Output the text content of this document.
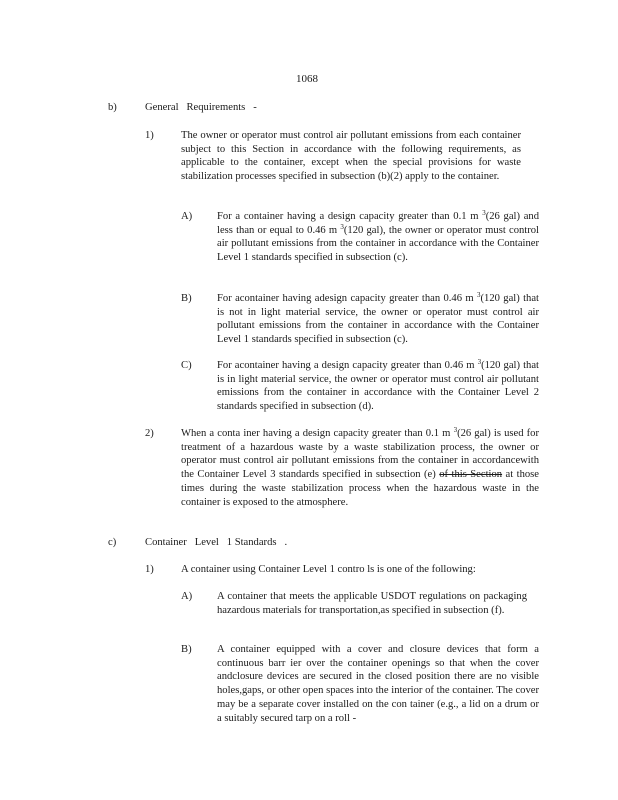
1068
b)	General   Requirements   -
1)	The owner or operator must control air pollutant emissions from each container subject to this Section in accordance with the following requirements, as applicable to the container, except when the special provisions for waste stabilization processes specified in subsection (b)(2) apply to the container.
A) For a container having a design capacity greater than 0.1 m $^3$(26 gal) and less than or equal to 0.46 m $^3$(120 gal), the owner or operator must control air pollutant emissions from the container in accordance with the Container Level 1 standards specified in subsection (c).
B) For acontainer having adesign capacity greater than 0.46 m $^3$(120 gal) that is not in light material service, the owner or operator must control air pollutant emissions from the container in accordance with the Container Level 1 standards specified in subsection (c).
C) For acontainer having a design capacity greater than 0.46 m $^3$(120 gal) that is in light material service, the owner or operator must control air pollutant emissions from the container in accordance with the Container Level 2 standards specified in subsection (d).
2)	When a conta iner having a design capacity greater than 0.1 m $^3$(26 gal) is used for treatment of a hazardous waste by a waste stabilization process, the owner or operator must control air pollutant emissions from the container in accordancewith the Container Level 3 standards specified in subsection (e) of this Section at those times during the waste stabilization process when the hazardous waste in the container is exposed to the atmosphere.
c)	Container   Level   1 Standards   .
1)	A container using Container Level 1 contro ls is one of the following:
A) A container that meets the applicable USDOT regulations on packaging hazardous materials for transportation,as specified in subsection (f).
B) A container equipped with a cover and closure devices that form a continuous barr ier over the container openings so that when the cover andclosure devices are secured in the closed position there are no visible holes,gaps, or other open spaces into the interior of the container. The cover may be a separate cover installed on the con tainer (e.g., a lid on a drum or a suitably secured tarp on a roll -
